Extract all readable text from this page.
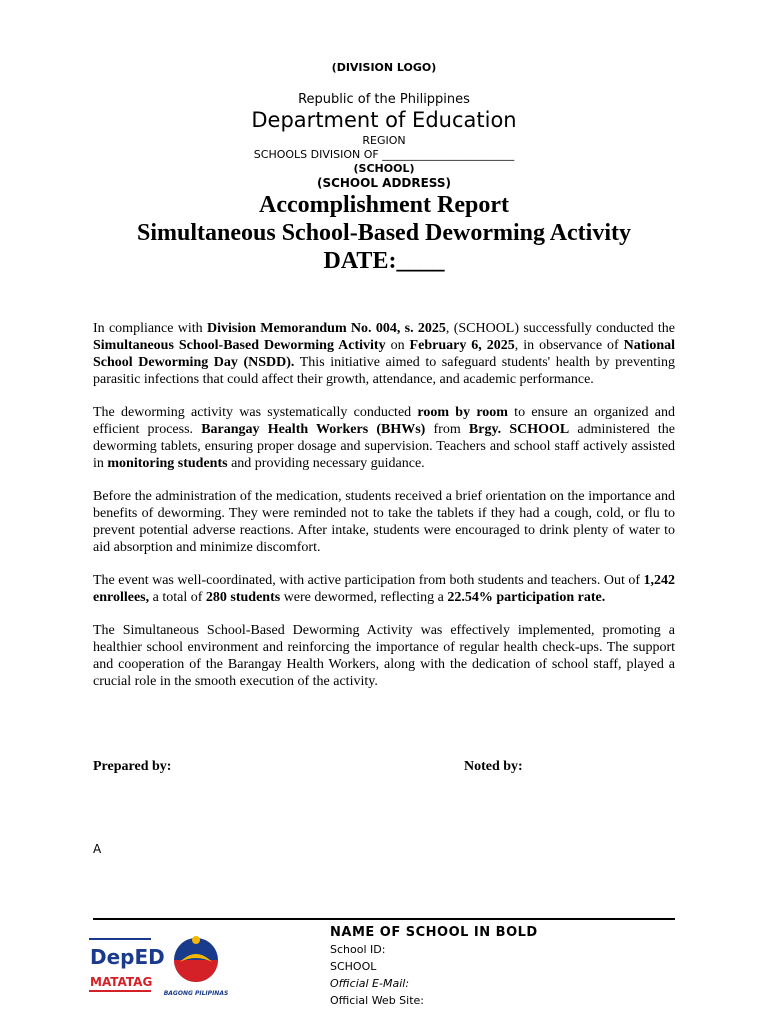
(DIVISION LOGO)
Republic of the Philippines
Department of Education
REGION
SCHOOLS DIVISION OF ________________________
(SCHOOL)
(SCHOOL ADDRESS)
Accomplishment Report
Simultaneous School-Based Deworming Activity
DATE:____

In compliance with Division Memorandum No. 004, s. 2025, (SCHOOL) successfully conducted the Simultaneous School-Based Deworming Activity on February 6, 2025, in observance of National School Deworming Day (NSDD). This initiative aimed to safeguard students' health by preventing parasitic infections that could affect their growth, attendance, and academic performance.

The deworming activity was systematically conducted room by room to ensure an organized and efficient process. Barangay Health Workers (BHWs) from Brgy. SCHOOL administered the deworming tablets, ensuring proper dosage and supervision. Teachers and school staff actively assisted in monitoring students and providing necessary guidance.

Before the administration of the medication, students received a brief orientation on the importance and benefits of deworming. They were reminded not to take the tablets if they had a cough, cold, or flu to prevent potential adverse reactions. After intake, students were encouraged to drink plenty of water to aid absorption and minimize discomfort.

The event was well-coordinated, with active participation from both students and teachers. Out of 1,242 enrollees, a total of 280 students were dewormed, reflecting a 22.54% participation rate.

The Simultaneous School-Based Deworming Activity was effectively implemented, promoting a healthier school environment and reinforcing the importance of regular health check-ups. The support and cooperation of the Barangay Health Workers, along with the dedication of school staff, played a crucial role in the smooth execution of the activity.

Prepared by:	Noted by:
A
DepED
MATATAG
BAGONG PILIPINAS
NAME OF SCHOOL IN BOLD
School ID:
SCHOOL
Official E-Mail:
Official Web Site:
